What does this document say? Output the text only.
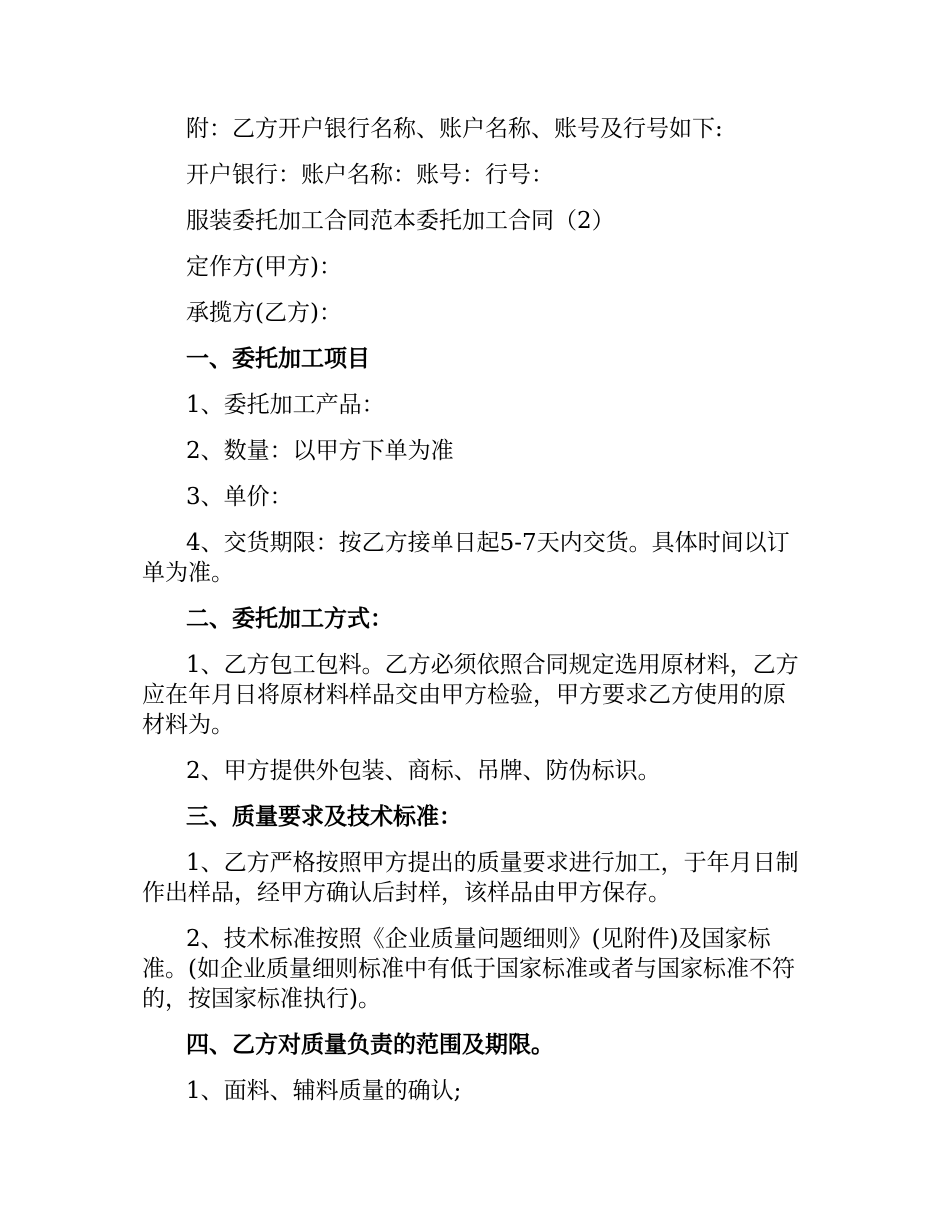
附：乙方开户银行名称、账户名称、账号及行号如下:

开户银行：账户名称：账号：行号：

服装委托加工合同范本委托加工合同（2）

定作方(甲方)：

承揽方(乙方)：

一、委托加工项目

1、委托加工产品：

2、数量：以甲方下单为准

3、单价：

4、交货期限：按乙方接单日起5-7天内交货。具体时间以订单为准。

二、委托加工方式：

1、乙方包工包料。乙方必须依照合同规定选用原材料，乙方应在年月日将原材料样品交由甲方检验，甲方要求乙方使用的原材料为。

2、甲方提供外包装、商标、吊牌、防伪标识。

三、质量要求及技术标准：

1、乙方严格按照甲方提出的质量要求进行加工，于年月日制作出样品，经甲方确认后封样，该样品由甲方保存。

2、技术标准按照《企业质量问题细则》(见附件)及国家标准。(如企业质量细则标准中有低于国家标准或者与国家标准不符的，按国家标准执行)。

四、乙方对质量负责的范围及期限。

1、面料、辅料质量的确认;
